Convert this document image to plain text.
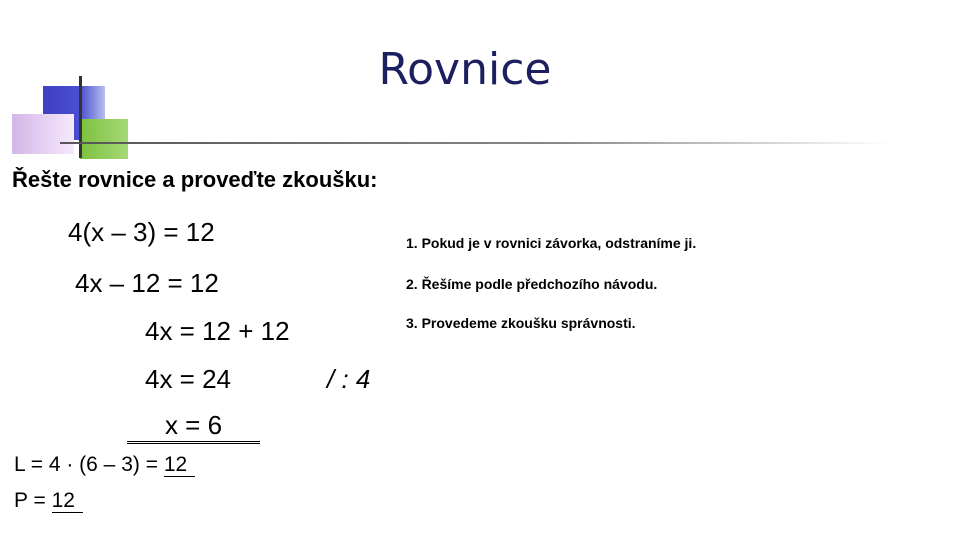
Rovnice
Řešte rovnice a proveďte zkoušku:
4(x – 3) = 12
4x – 12 = 12
4x = 12 + 12
4x = 24	/ : 4
x = 6
L = 4 · (6 – 3) = 12
P = 12
1. Pokud je v rovnici závorka, odstraníme ji.
2. Řešíme podle předchozího návodu.
3. Provedeme zkoušku správnosti.
